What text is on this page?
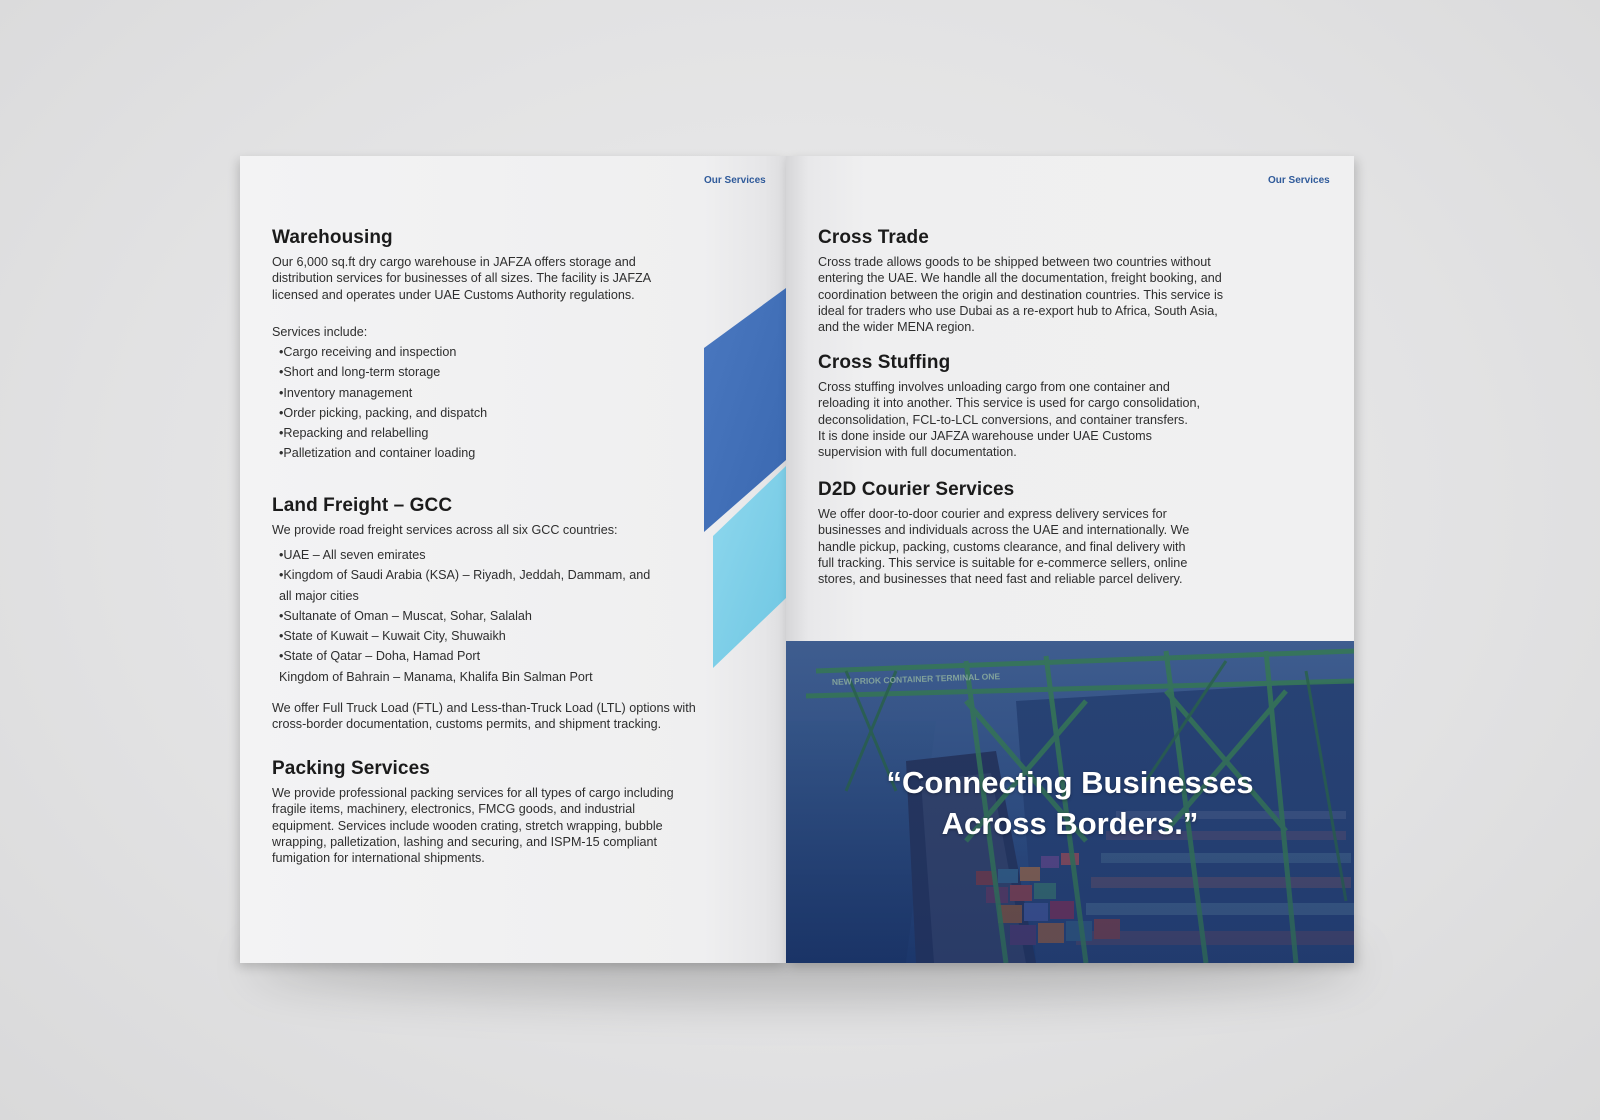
Our Services
Warehousing

Our 6,000 sq.ft dry cargo warehouse in JAFZA offers storage and
distribution services for businesses of all sizes. The facility is JAFZA
licensed and operates under UAE Customs Authority regulations.

Services include:

•Cargo receiving and inspection
•Short and long-term storage
•Inventory management
•Order picking, packing, and dispatch
•Repacking and relabelling
•Palletization and container loading
Land Freight – GCC

We provide road freight services across all six GCC countries:

•UAE – All seven emirates
•Kingdom of Saudi Arabia (KSA) – Riyadh, Jeddah, Dammam, and
all major cities
•Sultanate of Oman – Muscat, Sohar, Salalah
•State of Kuwait – Kuwait City, Shuwaikh
•State of Qatar – Doha, Hamad Port
Kingdom of Bahrain – Manama, Khalifa Bin Salman Port

We offer Full Truck Load (FTL) and Less-than-Truck Load (LTL) options with
cross-border documentation, customs permits, and shipment tracking.

Packing Services

We provide professional packing services for all types of cargo including
fragile items, machinery, electronics, FMCG goods, and industrial
equipment. Services include wooden crating, stretch wrapping, bubble
wrapping, palletization, lashing and securing, and ISPM-15 compliant
fumigation for international shipments.

Our Services
Cross Trade

Cross trade allows goods to be shipped between two countries without
entering the UAE. We handle all the documentation, freight booking, and
coordination between the origin and destination countries. This service is
ideal for traders who use Dubai as a re-export hub to Africa, South Asia,
and the wider MENA region.

Cross Stuffing

Cross stuffing involves unloading cargo from one container and
reloading it into another. This service is used for cargo consolidation,
deconsolidation, FCL-to-LCL conversions, and container transfers.
It is done inside our JAFZA warehouse under UAE Customs
supervision with full documentation.

D2D Courier Services

We offer door-to-door courier and express delivery services for
businesses and individuals across the UAE and internationally. We
handle pickup, packing, customs clearance, and final delivery with
full tracking. This service is suitable for e-commerce sellers, online
stores, and businesses that need fast and reliable parcel delivery.

“Connecting Businesses
Across Borders.”
